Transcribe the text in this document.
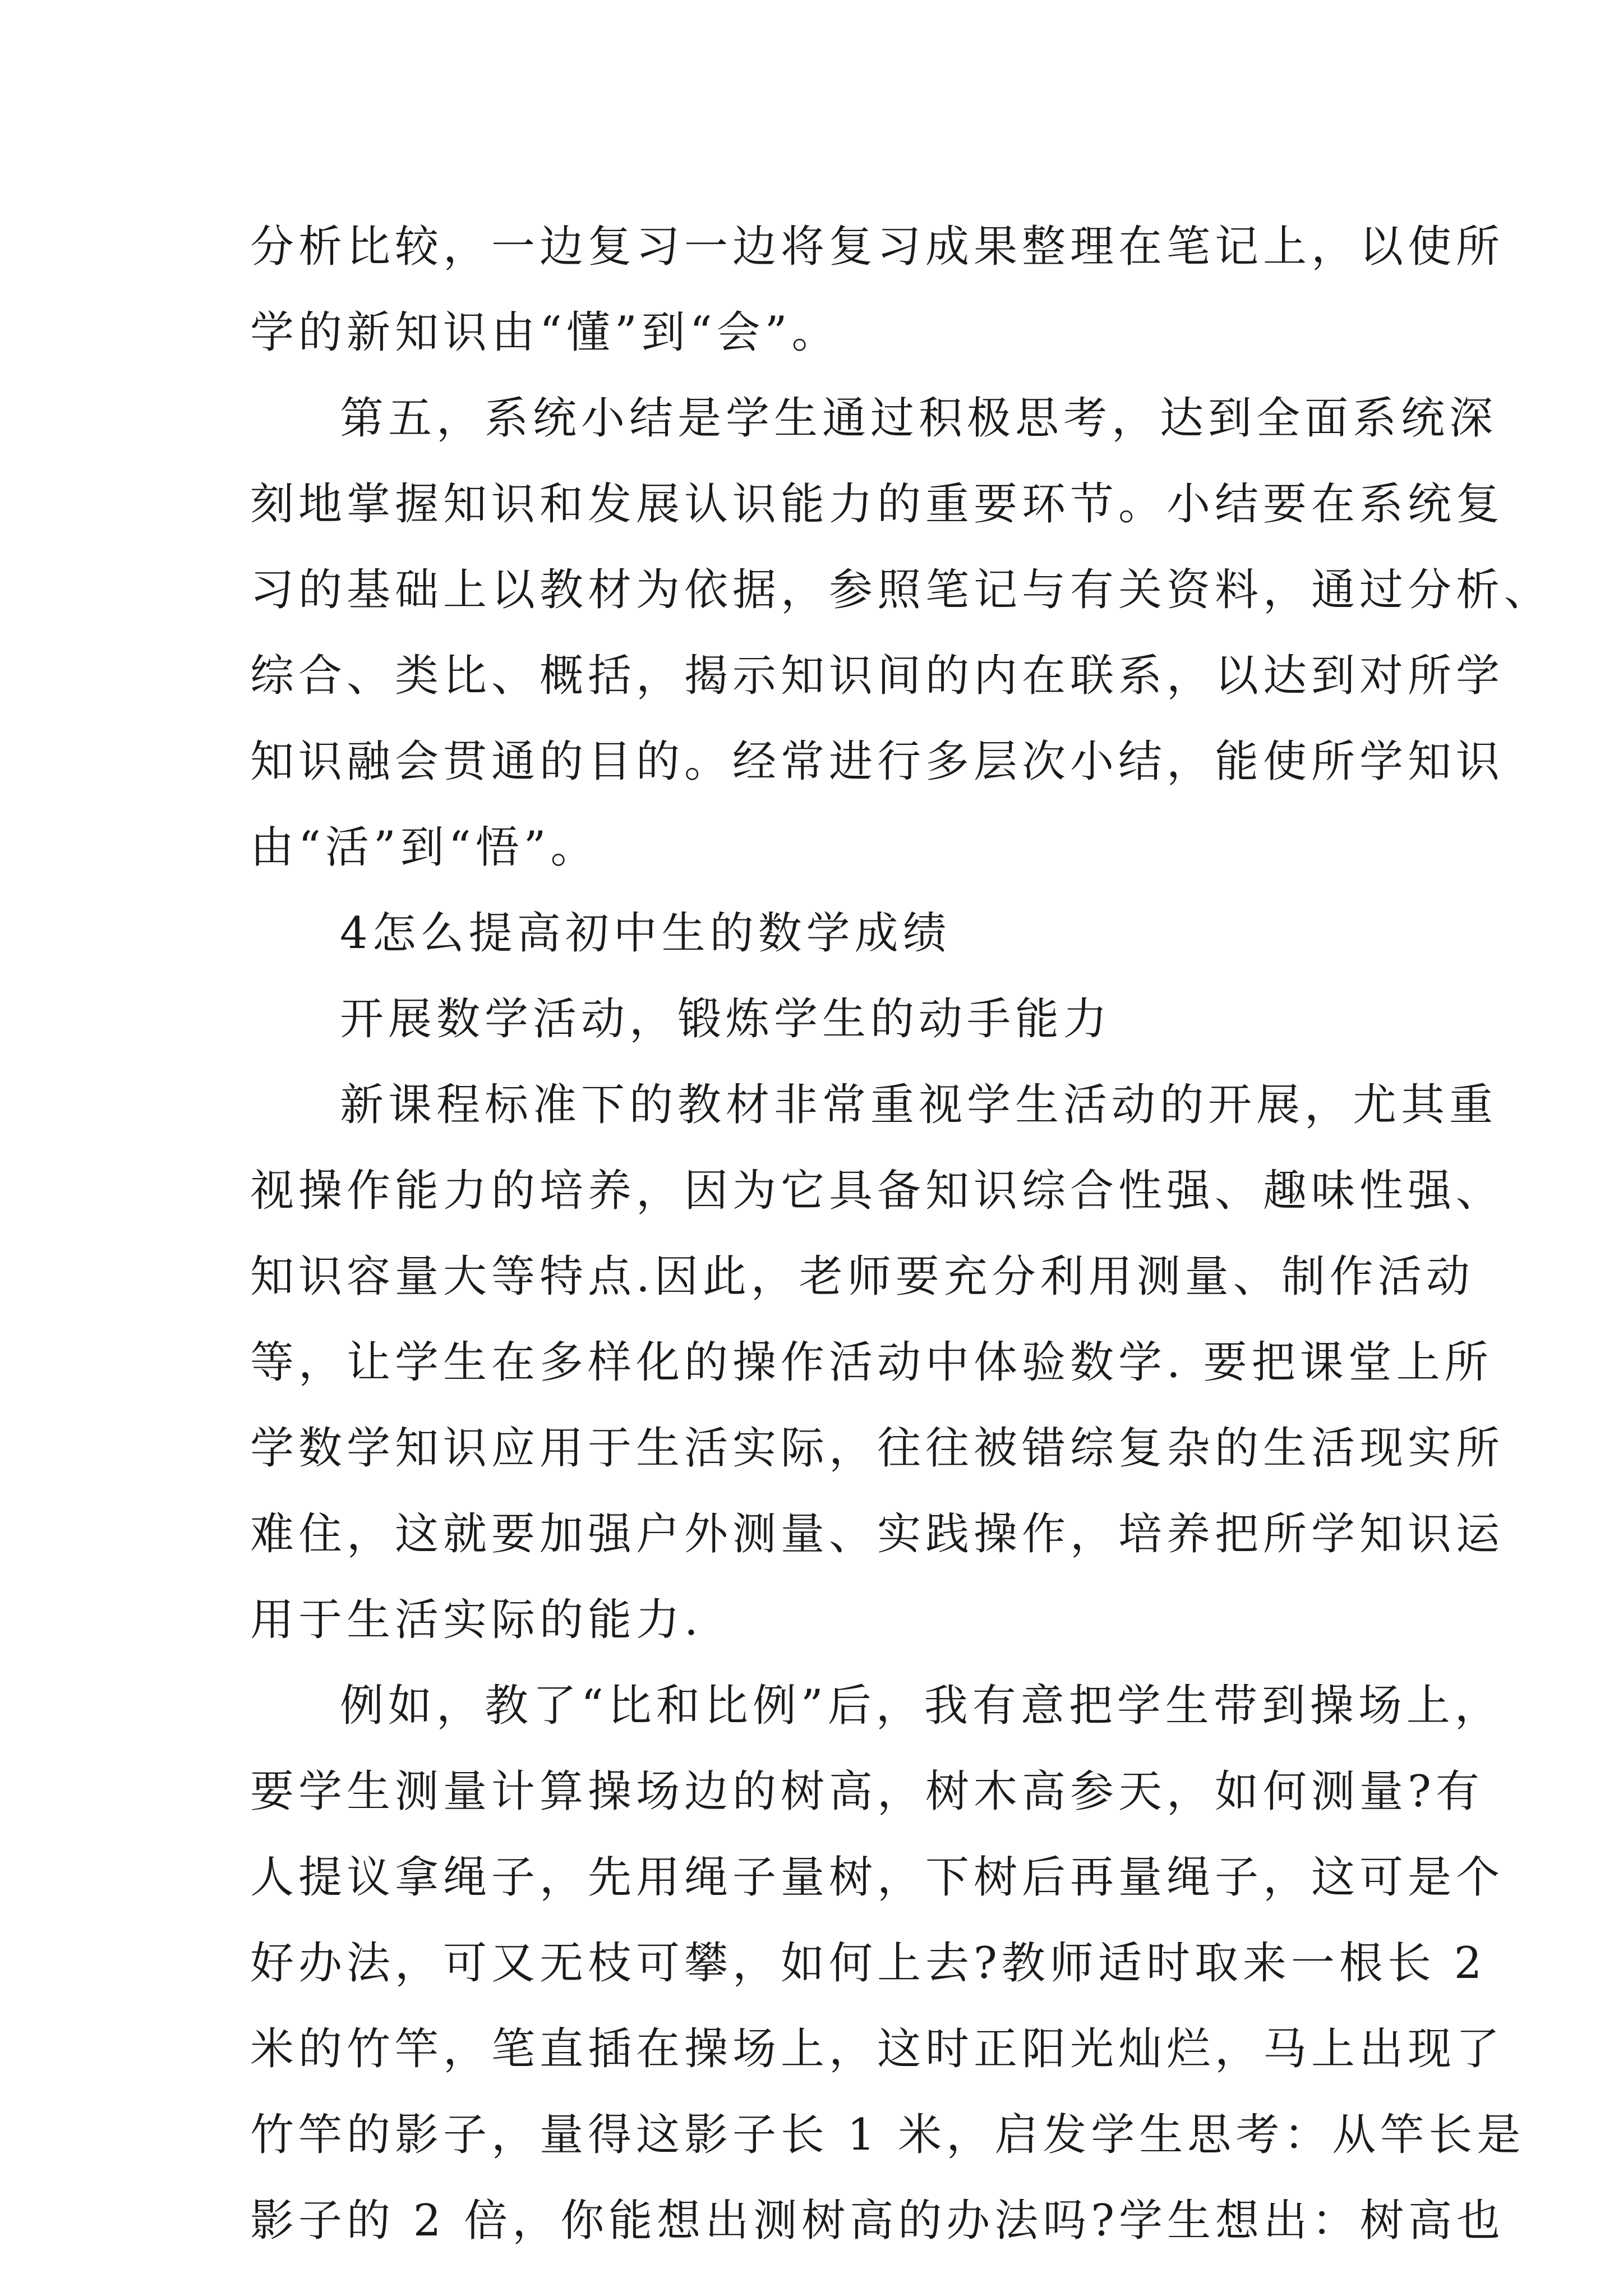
分析比较，一边复习一边将复习成果整理在笔记上，以使所
学的新知识由“懂”到“会”。
第五，系统小结是学生通过积极思考，达到全面系统深
刻地掌握知识和发展认识能力的重要环节。小结要在系统复
习的基础上以教材为依据，参照笔记与有关资料，通过分析、
综合、类比、概括，揭示知识间的内在联系，以达到对所学
知识融会贯通的目的。经常进行多层次小结，能使所学知识
由“活”到“悟”。
4怎么提高初中生的数学成绩
开展数学活动，锻炼学生的动手能力
新课程标准下的教材非常重视学生活动的开展，尤其重
视操作能力的培养，因为它具备知识综合性强、趣味性强、
知识容量大等特点.因此，老师要充分利用测量、制作活动
等，让学生在多样化的操作活动中体验数学. 要把课堂上所
学数学知识应用于生活实际，往往被错综复杂的生活现实所
难住，这就要加强户外测量、实践操作，培养把所学知识运
用于生活实际的能力.
例如，教了“比和比例”后，我有意把学生带到操场上，
要学生测量计算操场边的树高，树木高参天，如何测量?有
人提议拿绳子，先用绳子量树，下树后再量绳子，这可是个
好办法，可又无枝可攀，如何上去?教师适时取来一根长 2
米的竹竿，笔直插在操场上，这时正阳光灿烂，马上出现了
竹竿的影子，量得这影子长 1 米，启发学生思考：从竿长是
影子的 2 倍，你能想出测树高的办法吗?学生想出：树高也
